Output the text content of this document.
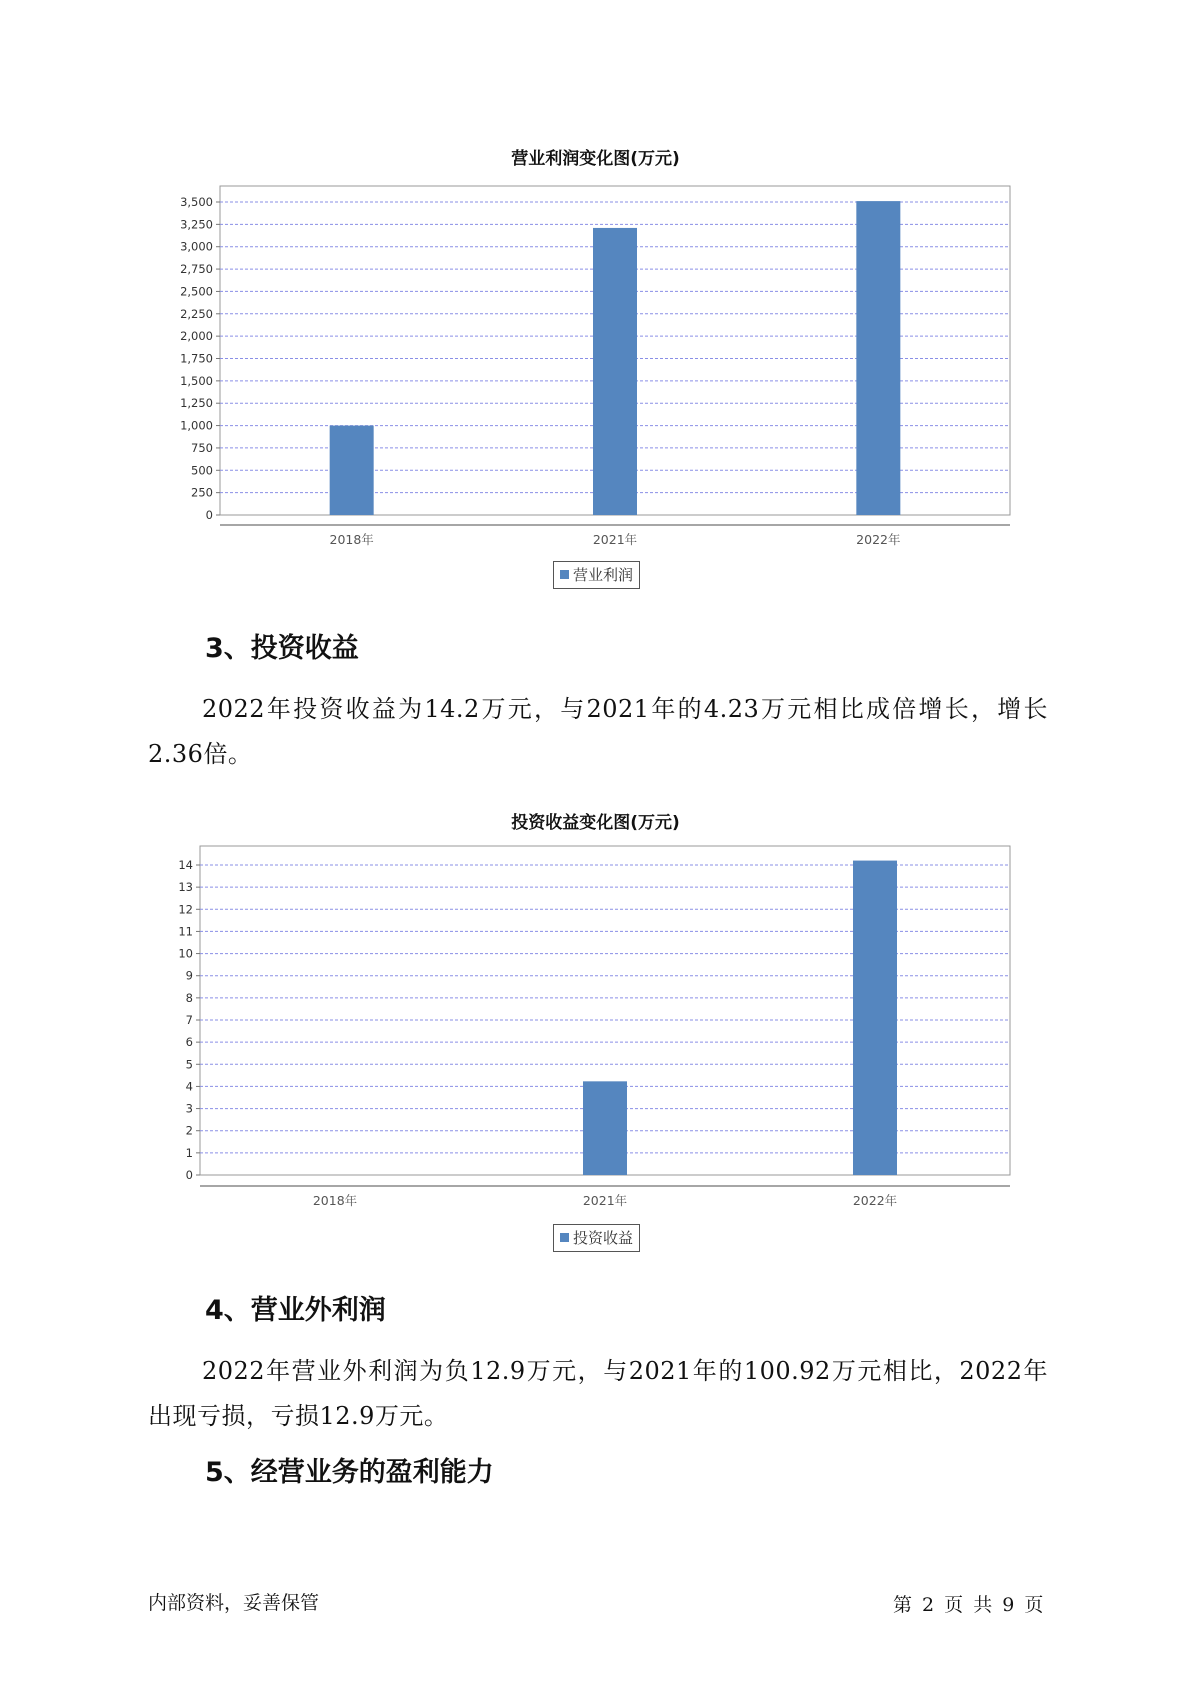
营业利润变化图(万元)
0
250
500
750
1,000
1,250
1,500
1,750
2,000
2,250
2,500
2,750
3,000
3,250
3,500
2018年	2021年	2022年
营业利润
3、投资收益

2022年投资收益为14.2万元，与2021年的4.23万元相比成倍增长，增长2.36倍。

投资收益变化图(万元)
0
1
2
3
4
5
6
7
8
9
10
11
12
13
14
2018年	2021年	2022年
投资收益
4、营业外利润

2022年营业外利润为负12.9万元，与2021年的100.92万元相比，2022年出现亏损，亏损12.9万元。

5、经营业务的盈利能力
内部资料，妥善保管	第 2 页 共 9 页
